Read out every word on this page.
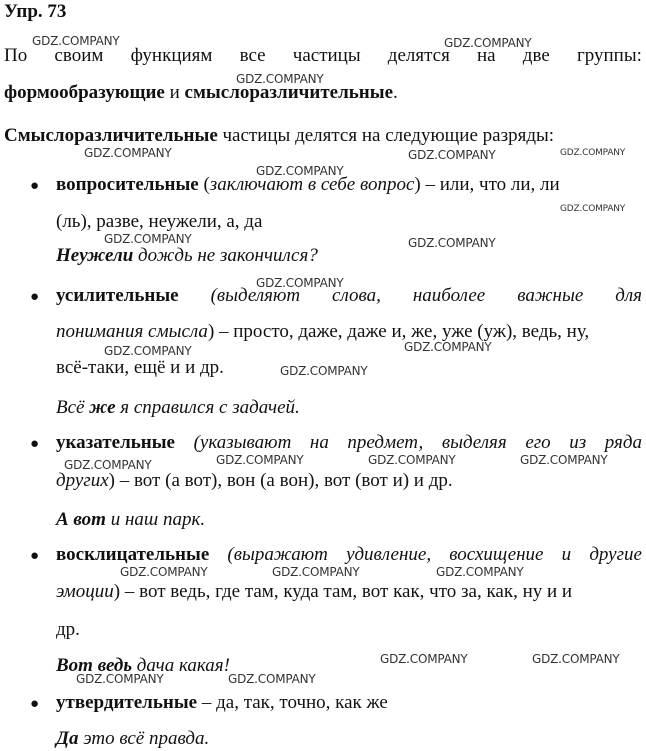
Упр. 73
По своим функциям все частицы делятся на две группы:
формообразующие и смыслоразличительные.
Смыслоразличительные частицы делятся на следующие разряды:
● вопросительные (заключают в себе вопрос) – или, что ли, ли
(ль), разве, неужели, а, да
Неужели дождь не закончился?
● усилительные (выделяют слова, наиболее важные для
понимания смысла) – просто, даже, даже и, же, уже (уж), ведь, ну,
всё-таки, ещё и и др.
Всё же я справился с задачей.
● указательные (указывают на предмет, выделяя его из ряда
других) – вот (а вот), вон (а вон), вот (вот и) и др.
А вот и наш парк.
● восклицательные (выражают удивление, восхищение и другие
эмоции) – вот ведь, где там, куда там, вот как, что за, как, ну и и
др.
Вот ведь дача какая!
● утвердительные – да, так, точно, как же
Да это всё правда.
GDZ.COMPANY	GDZ.COMPANY
GDZ.COMPANY
GDZ.COMPANY	GDZ.COMPANY	GDZ.COMPANY
GDZ.COMPANY
GDZ.COMPANY
GDZ.COMPANY	GDZ.COMPANY
GDZ.COMPANY
GDZ.COMPANY	GDZ.COMPANY
GDZ.COMPANY
GDZ.COMPANY	GDZ.COMPANY	GDZ.COMPANY	GDZ.COMPANY
GDZ.COMPANY	GDZ.COMPANY	GDZ.COMPANY
GDZ.COMPANY	GDZ.COMPANY
GDZ.COMPANY	GDZ.COMPANY
